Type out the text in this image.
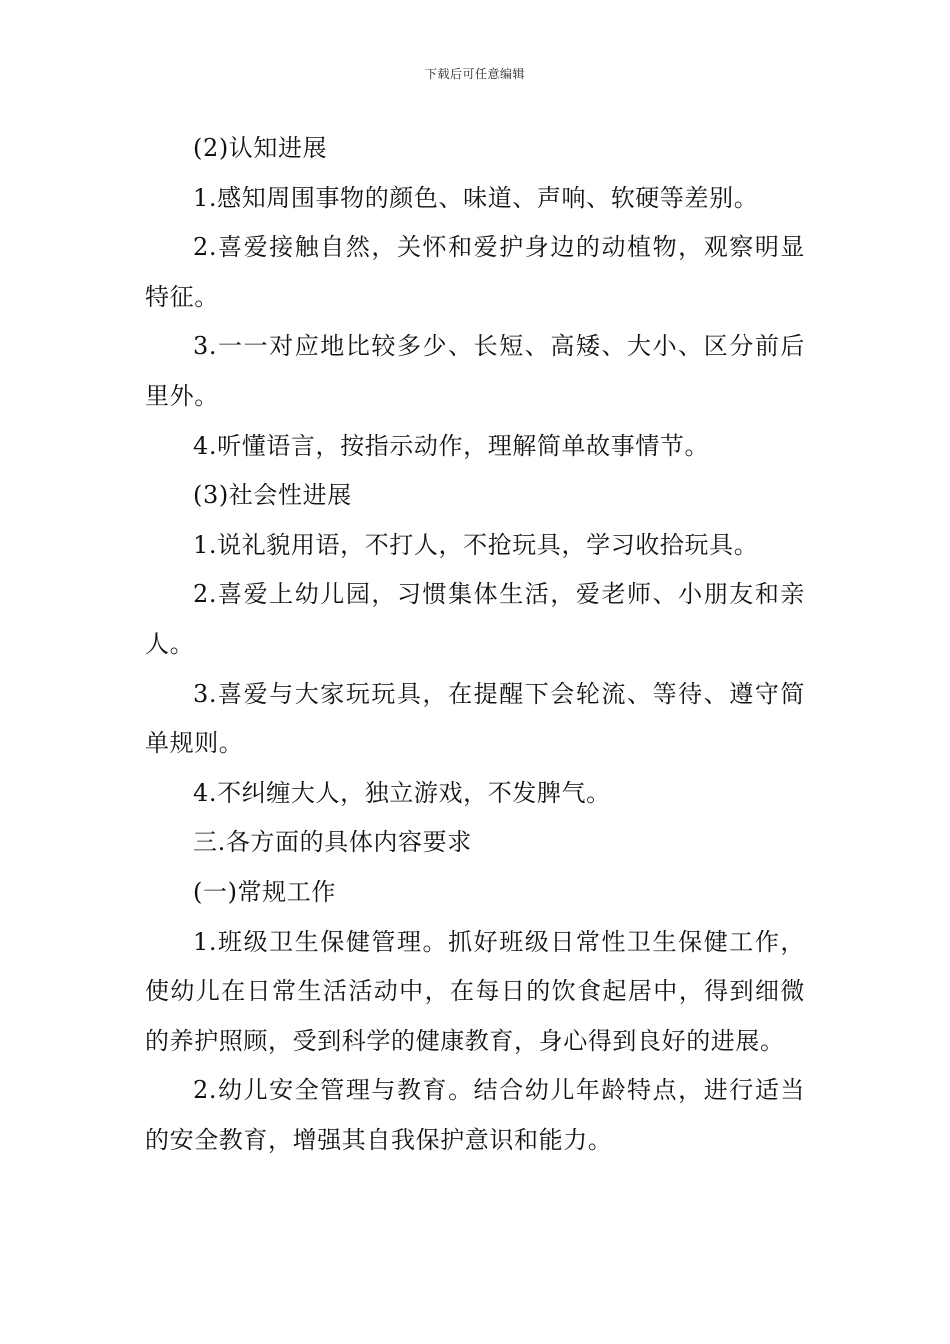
下载后可任意编辑

(2)认知进展

1.感知周围事物的颜色、味道、声响、软硬等差别。

2.喜爱接触自然，关怀和爱护身边的动植物，观察明显特征。

3.一一对应地比较多少、长短、高矮、大小、区分前后里外。

4.听懂语言，按指示动作，理解简单故事情节。

(3)社会性进展

1.说礼貌用语，不打人，不抢玩具，学习收拾玩具。

2.喜爱上幼儿园，习惯集体生活，爱老师、小朋友和亲人。

3.喜爱与大家玩玩具，在提醒下会轮流、等待、遵守简单规则。

4.不纠缠大人，独立游戏，不发脾气。

三.各方面的具体内容要求

(一)常规工作

1.班级卫生保健管理。抓好班级日常性卫生保健工作，使幼儿在日常生活活动中，在每日的饮食起居中，得到细微的养护照顾，受到科学的健康教育，身心得到良好的进展。

2.幼儿安全管理与教育。结合幼儿年龄特点，进行适当的安全教育，增强其自我保护意识和能力。
